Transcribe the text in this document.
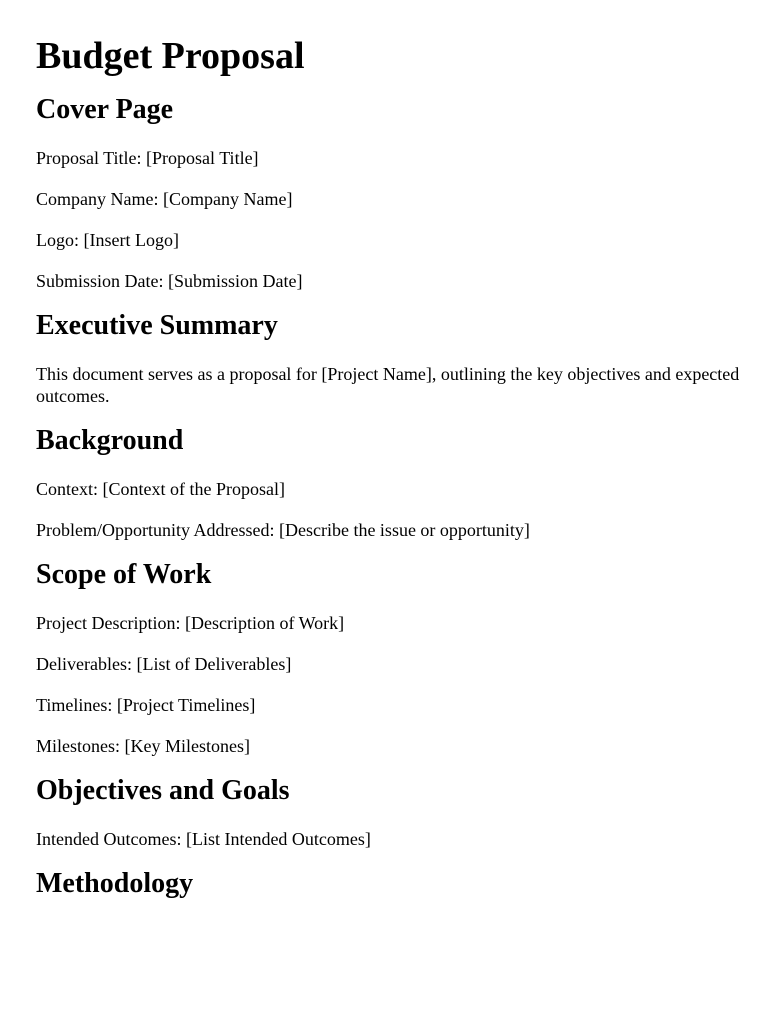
Budget Proposal
Cover Page

Proposal Title: [Proposal Title]

Company Name: [Company Name]

Logo: [Insert Logo]

Submission Date: [Submission Date]

Executive Summary

This document serves as a proposal for [Project Name], outlining the key objectives and expected outcomes.

Background

Context: [Context of the Proposal]

Problem/Opportunity Addressed: [Describe the issue or opportunity]

Scope of Work

Project Description: [Description of Work]

Deliverables: [List of Deliverables]

Timelines: [Project Timelines]

Milestones: [Key Milestones]

Objectives and Goals

Intended Outcomes: [List Intended Outcomes]

Methodology
